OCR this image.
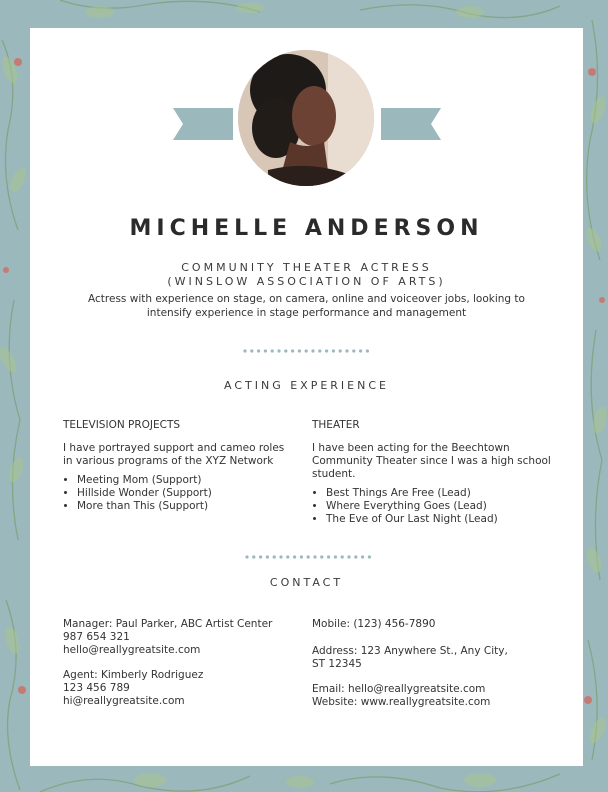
MICHELLE ANDERSON
COMMUNITY THEATER ACTRESS
(WINSLOW ASSOCIATION OF ARTS)
Actress with experience on stage, on camera, online and voiceover jobs, looking to intensify experience in stage performance and management
ACTING EXPERIENCE
TELEVISION PROJECTS

I have portrayed support and cameo roles in various programs of the XYZ Network

• Meeting Mom (Support)
• Hillside Wonder (Support)
• More than This (Support)
THEATER

I have been acting for the Beechtown Community Theater since I was a high school student.

• Best Things Are Free (Lead)
• Where Everything Goes (Lead)
• The Eve of Our Last Night (Lead)
CONTACT
Manager: Paul Parker, ABC Artist Center
987 654 321
hello@reallygreatsite.com
Agent: Kimberly Rodriguez
123 456 789
hi@reallygreatsite.com
Mobile: (123) 456-7890
Address: 123 Anywhere St., Any City,
ST 12345
Email: hello@reallygreatsite.com
Website: www.reallygreatsite.com
